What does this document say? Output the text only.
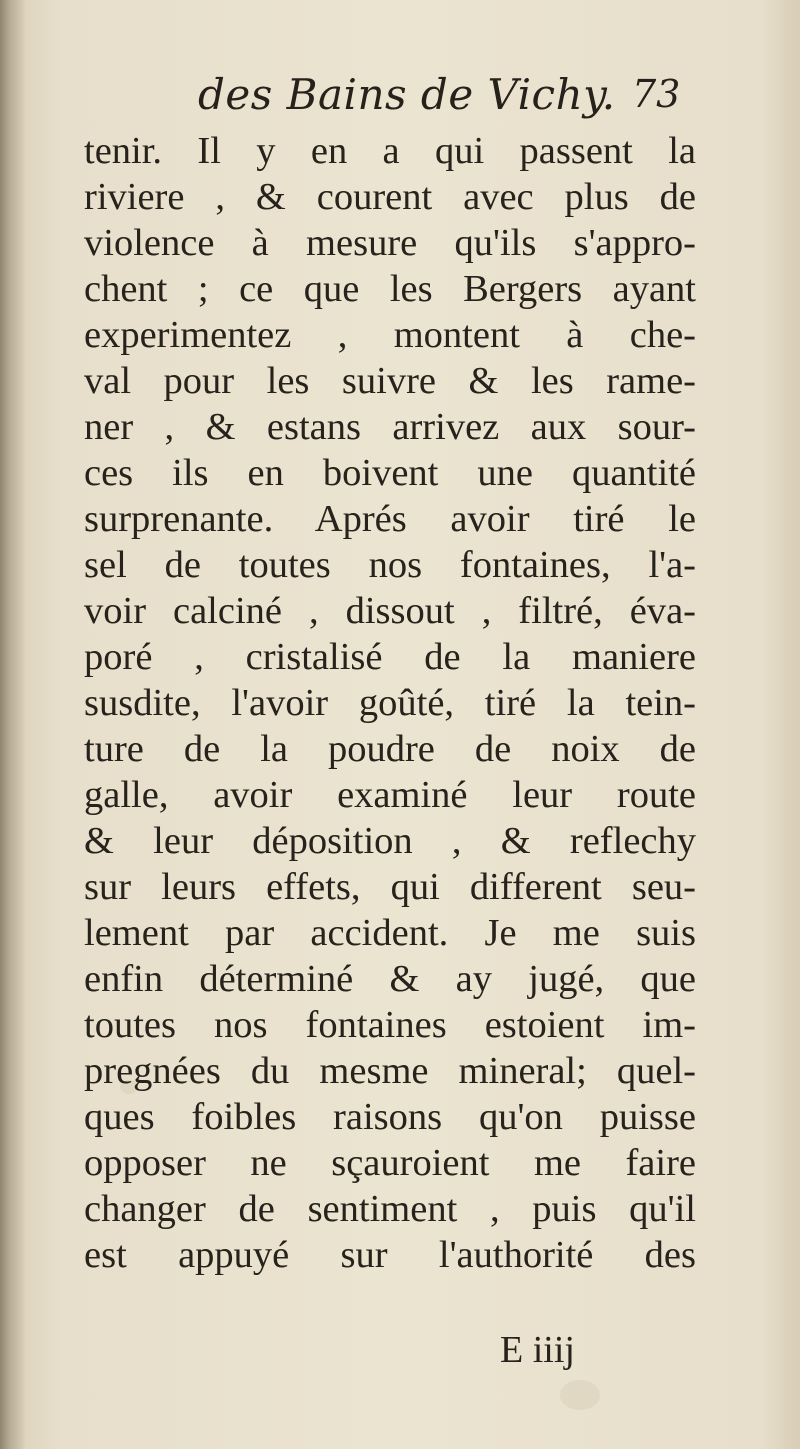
des Bains de Vichy. 73
tenir. Il y en a qui passent la
riviere , & courent avec plus de
violence à mesure qu'ils s'appro-
chent ; ce que les Bergers ayant
experimentez , montent à che-
val pour les suivre & les rame-
ner , & estans arrivez aux sour-
ces ils en boivent une quantité
surprenante. Aprés avoir tiré le
sel de toutes nos fontaines, l'a-
voir calciné , dissout , filtré, éva-
poré , cristalisé de la maniere
susdite, l'avoir goûté, tiré la tein-
ture de la poudre de noix de
galle, avoir examiné leur route
& leur déposition , & reflechy
sur leurs effets, qui different seu-
lement par accident. Je me suis
enfin déterminé & ay jugé, que
toutes nos fontaines estoient im-
pregnées du mesme mineral; quel-
ques foibles raisons qu'on puisse
opposer ne sçauroient me faire
changer de sentiment , puis qu'il
est appuyé sur l'authorité des
E iiij
